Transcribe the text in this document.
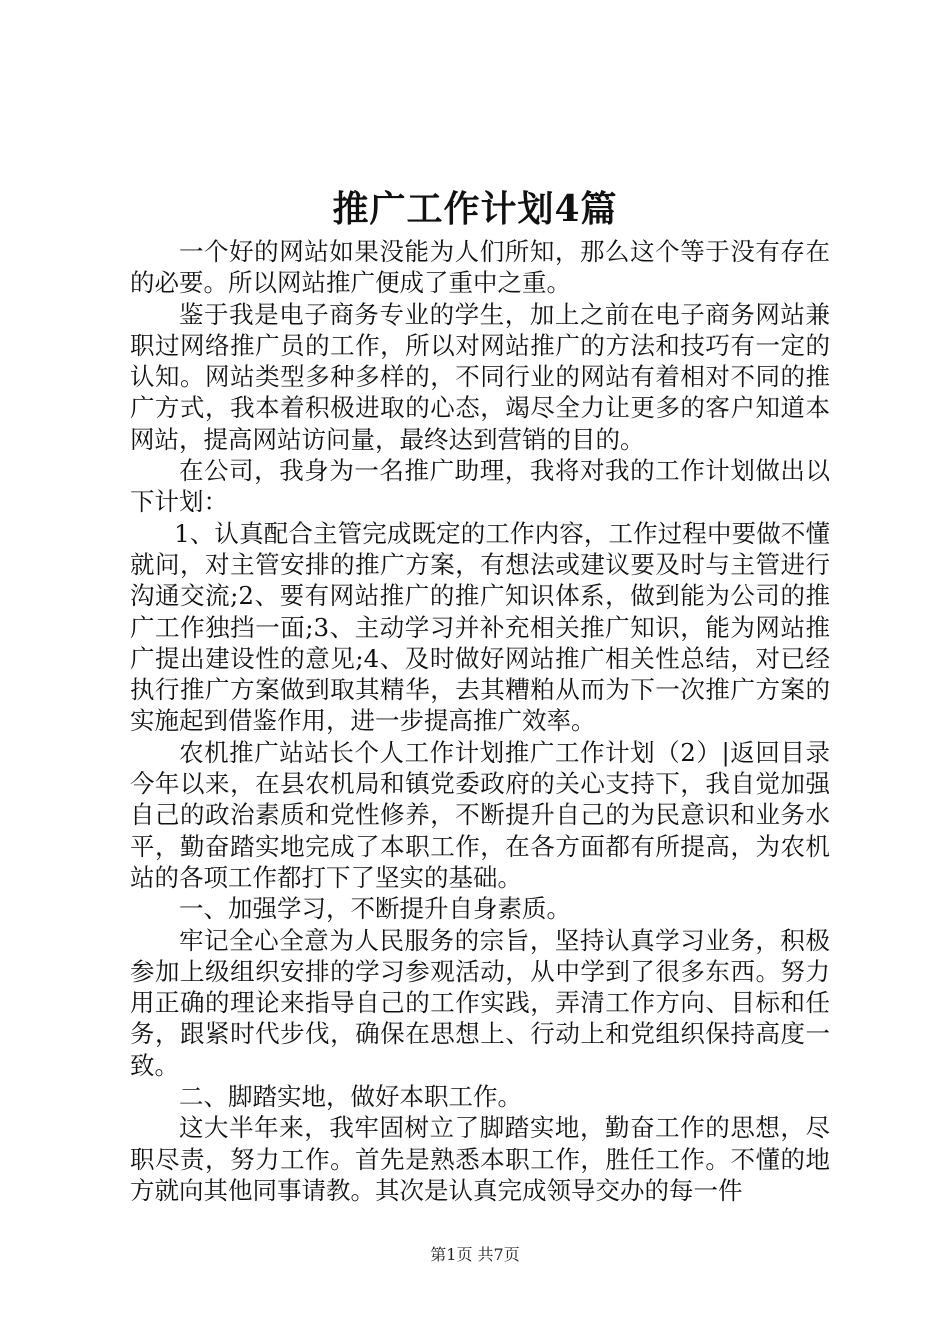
推广工作计划4篇

一个好的网站如果没能为人们所知，那么这个等于没有存在的必要。所以网站推广便成了重中之重。

鉴于我是电子商务专业的学生，加上之前在电子商务网站兼职过网络推广员的工作，所以对网站推广的方法和技巧有一定的认知。网站类型多种多样的，不同行业的网站有着相对不同的推广方式，我本着积极进取的心态，竭尽全力让更多的客户知道本网站，提高网站访问量，最终达到营销的目的。

在公司，我身为一名推广助理，我将对我的工作计划做出以下计划：

1、认真配合主管完成既定的工作内容，工作过程中要做不懂就问，对主管安排的推广方案，有想法或建议要及时与主管进行沟通交流;2、要有网站推广的推广知识体系，做到能为公司的推广工作独挡一面;3、主动学习并补充相关推广知识，能为网站推广提出建设性的意见;4、及时做好网站推广相关性总结，对已经执行推广方案做到取其精华，去其糟粕从而为下一次推广方案的实施起到借鉴作用，进一步提高推广效率。

农机推广站站长个人工作计划推广工作计划（2）|返回目录今年以来，在县农机局和镇党委政府的关心支持下，我自觉加强自己的政治素质和党性修养，不断提升自己的为民意识和业务水平，勤奋踏实地完成了本职工作，在各方面都有所提高，为农机站的各项工作都打下了坚实的基础。

一、加强学习，不断提升自身素质。

牢记全心全意为人民服务的宗旨，坚持认真学习业务，积极参加上级组织安排的学习参观活动，从中学到了很多东西。努力用正确的理论来指导自己的工作实践，弄清工作方向、目标和任务，跟紧时代步伐，确保在思想上、行动上和党组织保持高度一致。

二、脚踏实地，做好本职工作。

这大半年来，我牢固树立了脚踏实地，勤奋工作的思想，尽职尽责，努力工作。首先是熟悉本职工作，胜任工作。不懂的地方就向其他同事请教。其次是认真完成领导交办的每一件

第1页 共7页
